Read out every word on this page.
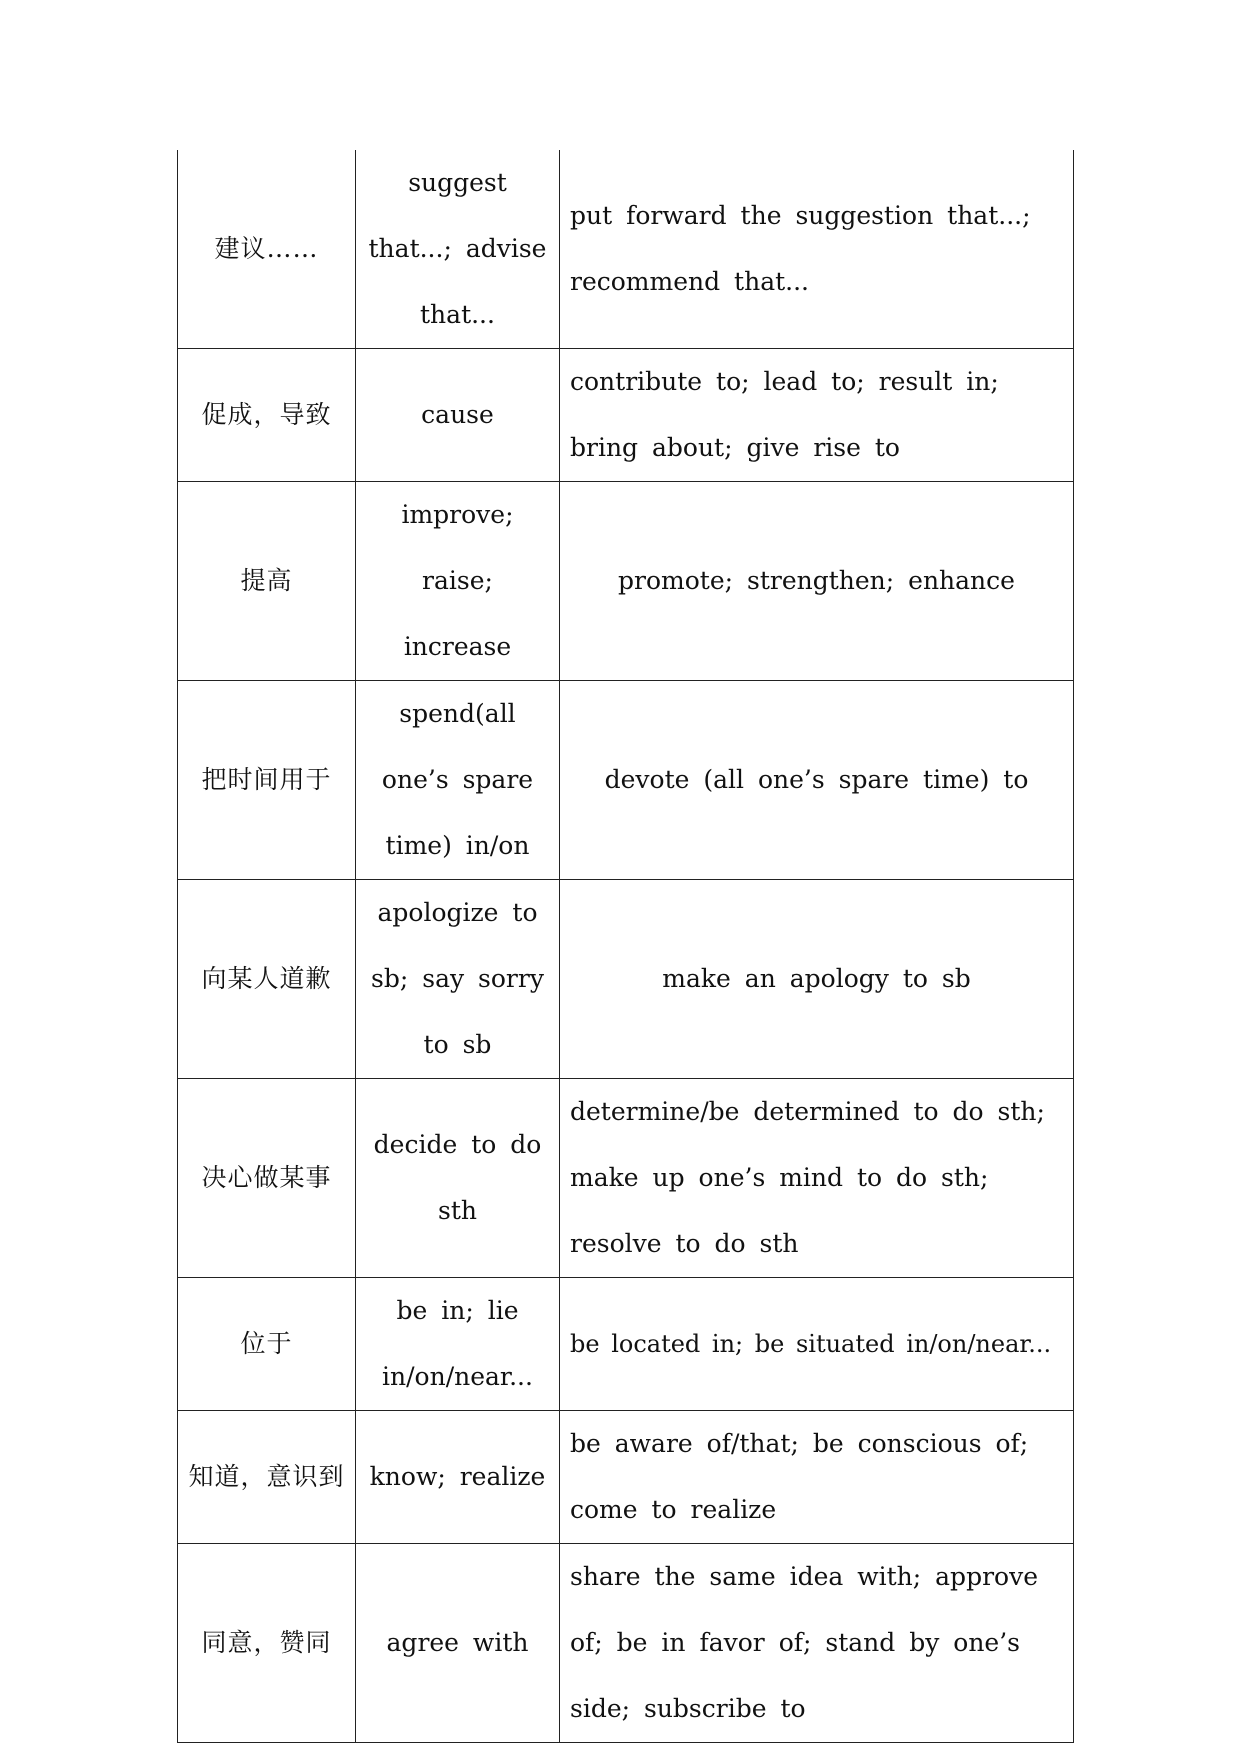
建议……	suggest that...; advise that...	put forward the suggestion that...; recommend that...
促成，导致	cause	contribute to; lead to; result in; bring about; give rise to
提高	improve; raise; increase	promote; strengthen; enhance
把时间用于	spend(all one’s spare time) in/on	devote (all one’s spare time) to
向某人道歉	apologize to sb; say sorry to sb	make an apology to sb
决心做某事	decide to do sth	determine/be determined to do sth; make up one’s mind to do sth; resolve to do sth
位于	be in; lie in/on/near...	be located in; be situated in/on/near...
知道，意识到	know; realize	be aware of/that; be conscious of; come to realize
同意，赞同	agree with	share the same idea with; approve of; be in favor of; stand by one’s side; subscribe to
